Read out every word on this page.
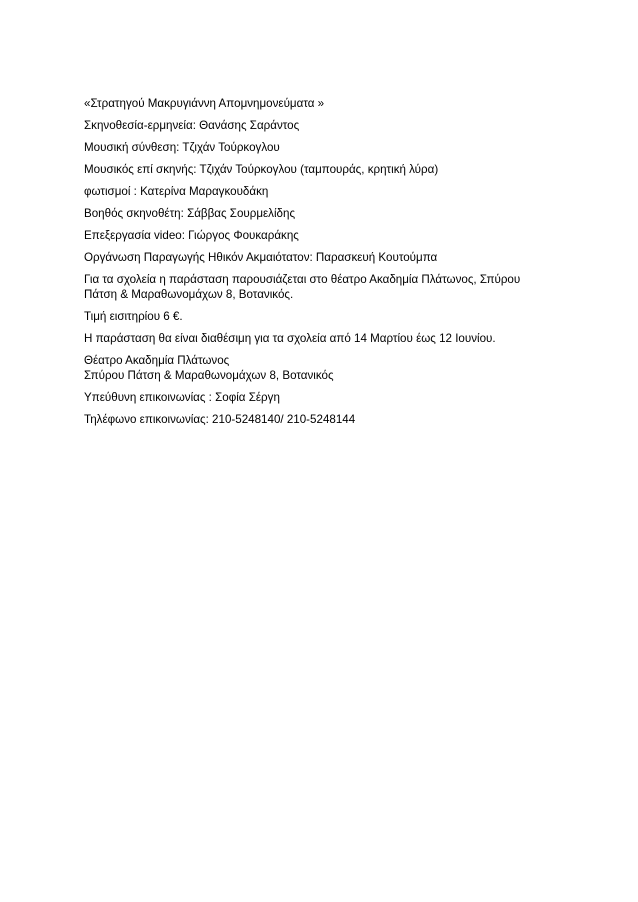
«Στρατηγού Μακρυγιάννη Απομνημονεύματα »

Σκηνοθεσία-ερμηνεία: Θανάσης Σαράντος

Μουσική σύνθεση: Τζιχάν Τούρκογλου

Μουσικός επί σκηνής: Τζιχάν Τούρκογλου (ταμπουράς, κρητική λύρα)

φωτισμοί : Κατερίνα Μαραγκουδάκη

Βοηθός σκηνοθέτη: Σάββας Σουρμελίδης

Επεξεργασία video: Γιώργος Φουκαράκης

Οργάνωση Παραγωγής Ηθικόν Ακμαιότατον: Παρασκευή Κουτούμπα

Για τα σχολεία η παράσταση παρουσιάζεται στο θέατρο Ακαδημία Πλάτωνος, Σπύρου
Πάτση & Μαραθωνομάχων 8, Βοτανικός.

Τιμή εισιτηρίου 6 €.

Η παράσταση θα είναι διαθέσιμη για τα σχολεία από 14 Μαρτίου έως 12 Ιουνίου.

Θέατρο Ακαδημία Πλάτωνος
Σπύρου Πάτση & Μαραθωνομάχων 8, Βοτανικός

Υπεύθυνη επικοινωνίας : Σοφία Σέργη

Τηλέφωνο επικοινωνίας: 210-5248140/ 210-5248144
